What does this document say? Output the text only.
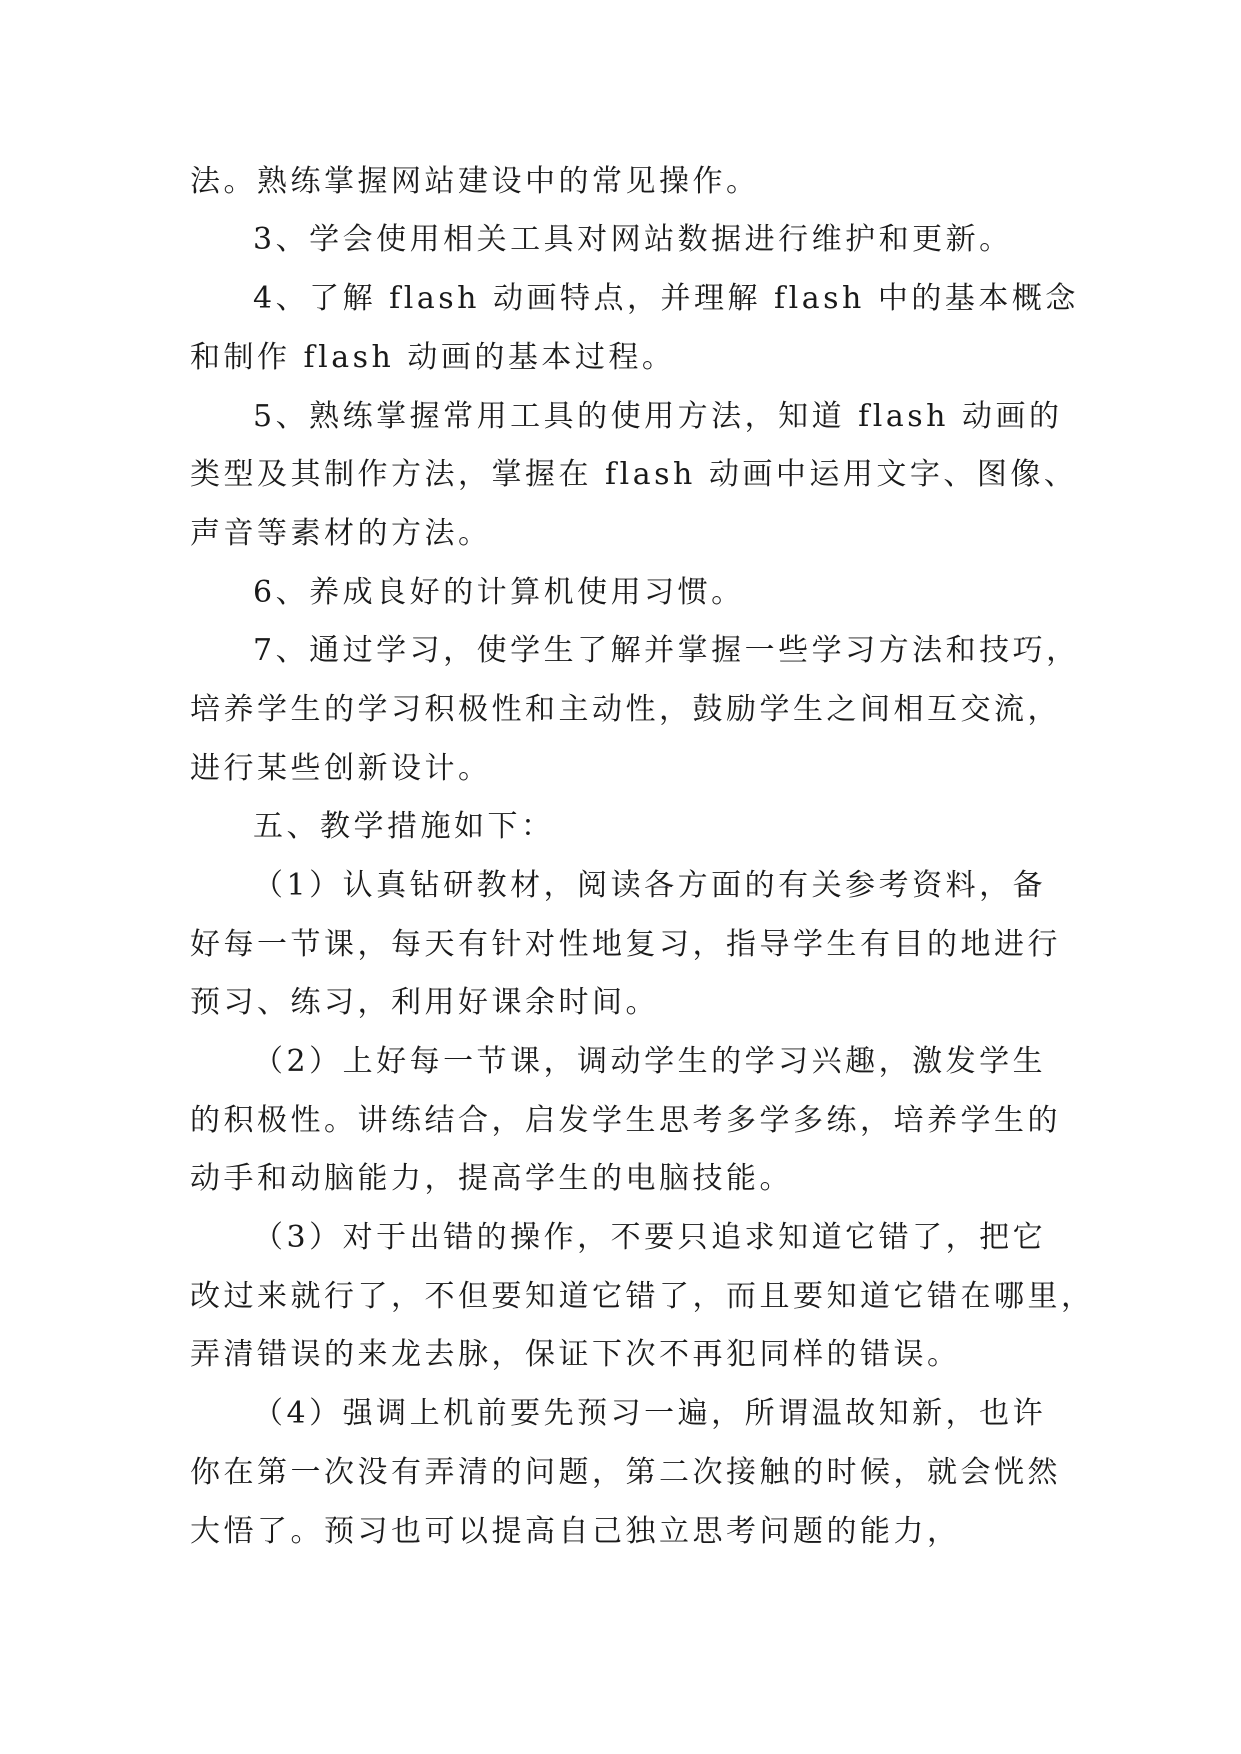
法。熟练掌握网站建设中的常见操作。
3、学会使用相关工具对网站数据进行维护和更新。
4、了解 flash 动画特点，并理解 flash 中的基本概念
和制作 flash 动画的基本过程。
5、熟练掌握常用工具的使用方法，知道 flash 动画的
类型及其制作方法，掌握在 flash 动画中运用文字、图像、
声音等素材的方法。
6、养成良好的计算机使用习惯。
7、通过学习，使学生了解并掌握一些学习方法和技巧，
培养学生的学习积极性和主动性，鼓励学生之间相互交流，
进行某些创新设计。
五、教学措施如下：
（1）认真钻研教材，阅读各方面的有关参考资料，备
好每一节课，每天有针对性地复习，指导学生有目的地进行
预习、练习，利用好课余时间。
（2）上好每一节课，调动学生的学习兴趣，激发学生
的积极性。讲练结合，启发学生思考多学多练，培养学生的
动手和动脑能力，提高学生的电脑技能。
（3）对于出错的操作，不要只追求知道它错了，把它
改过来就行了，不但要知道它错了，而且要知道它错在哪里，
弄清错误的来龙去脉，保证下次不再犯同样的错误。
（4）强调上机前要先预习一遍，所谓温故知新，也许
你在第一次没有弄清的问题，第二次接触的时候，就会恍然
大悟了。预习也可以提高自己独立思考问题的能力，
